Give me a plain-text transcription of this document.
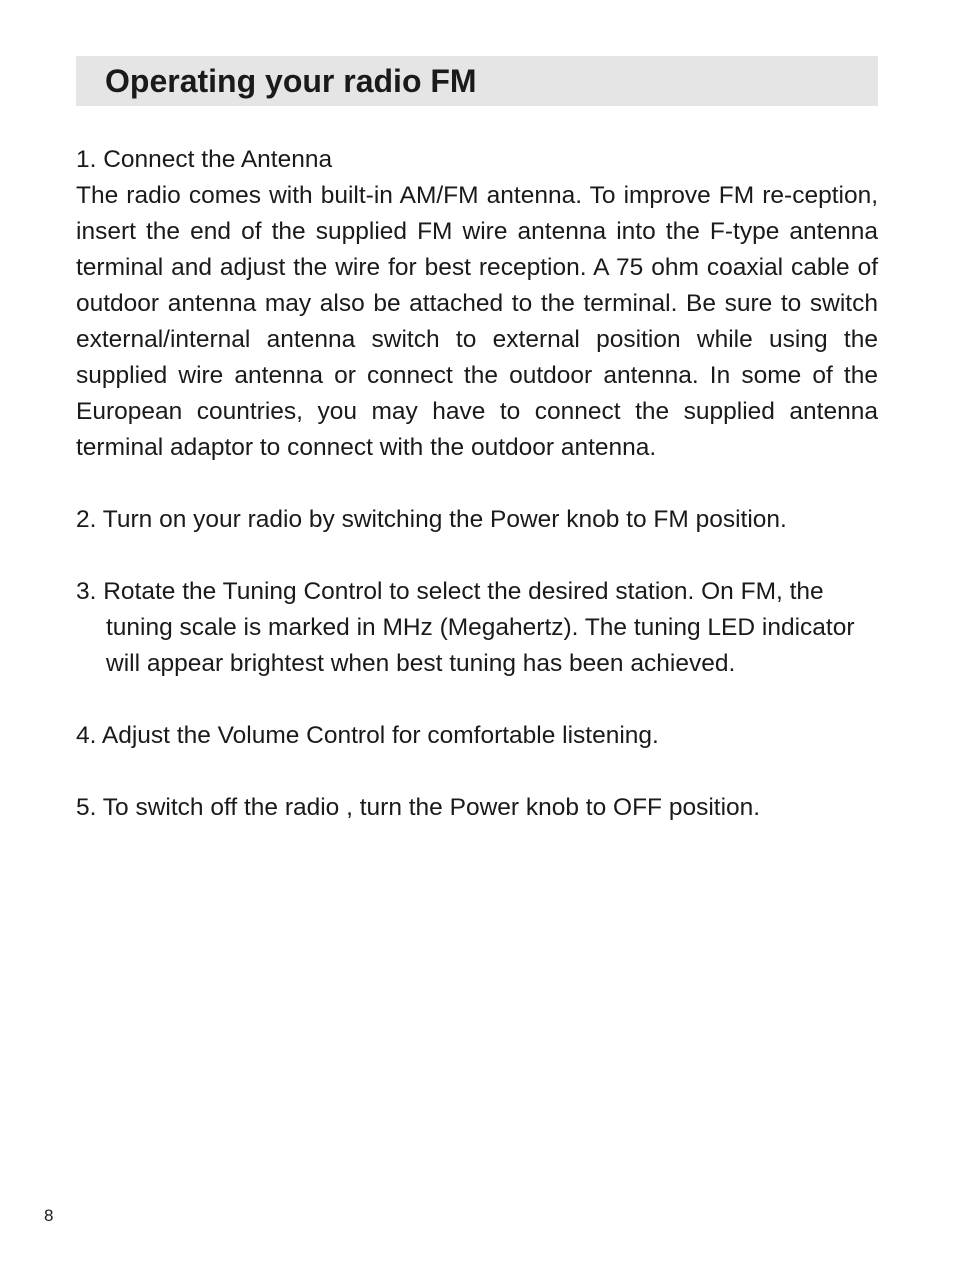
Operating your radio FM

1. Connect the Antenna

The radio comes with built-in AM/FM antenna. To improve FM re-ception, insert the end of the supplied FM wire antenna into the F-type antenna terminal and adjust the wire for best reception. A 75 ohm coaxial cable of outdoor antenna may also be attached to the terminal. Be sure to switch external/internal antenna switch to external position while using the supplied wire antenna or connect the outdoor antenna. In some of the European countries, you may have to connect the supplied antenna terminal adaptor to connect with the outdoor antenna.

2. Turn on your radio by switching the Power knob to FM position.

3. Rotate the Tuning Control to select the desired station. On FM, the tuning scale is marked in MHz (Megahertz). The tuning LED indicator will appear brightest when best tuning has been achieved.

4. Adjust the Volume Control for comfortable listening.

5. To switch off the radio , turn the Power knob to OFF position.

8
